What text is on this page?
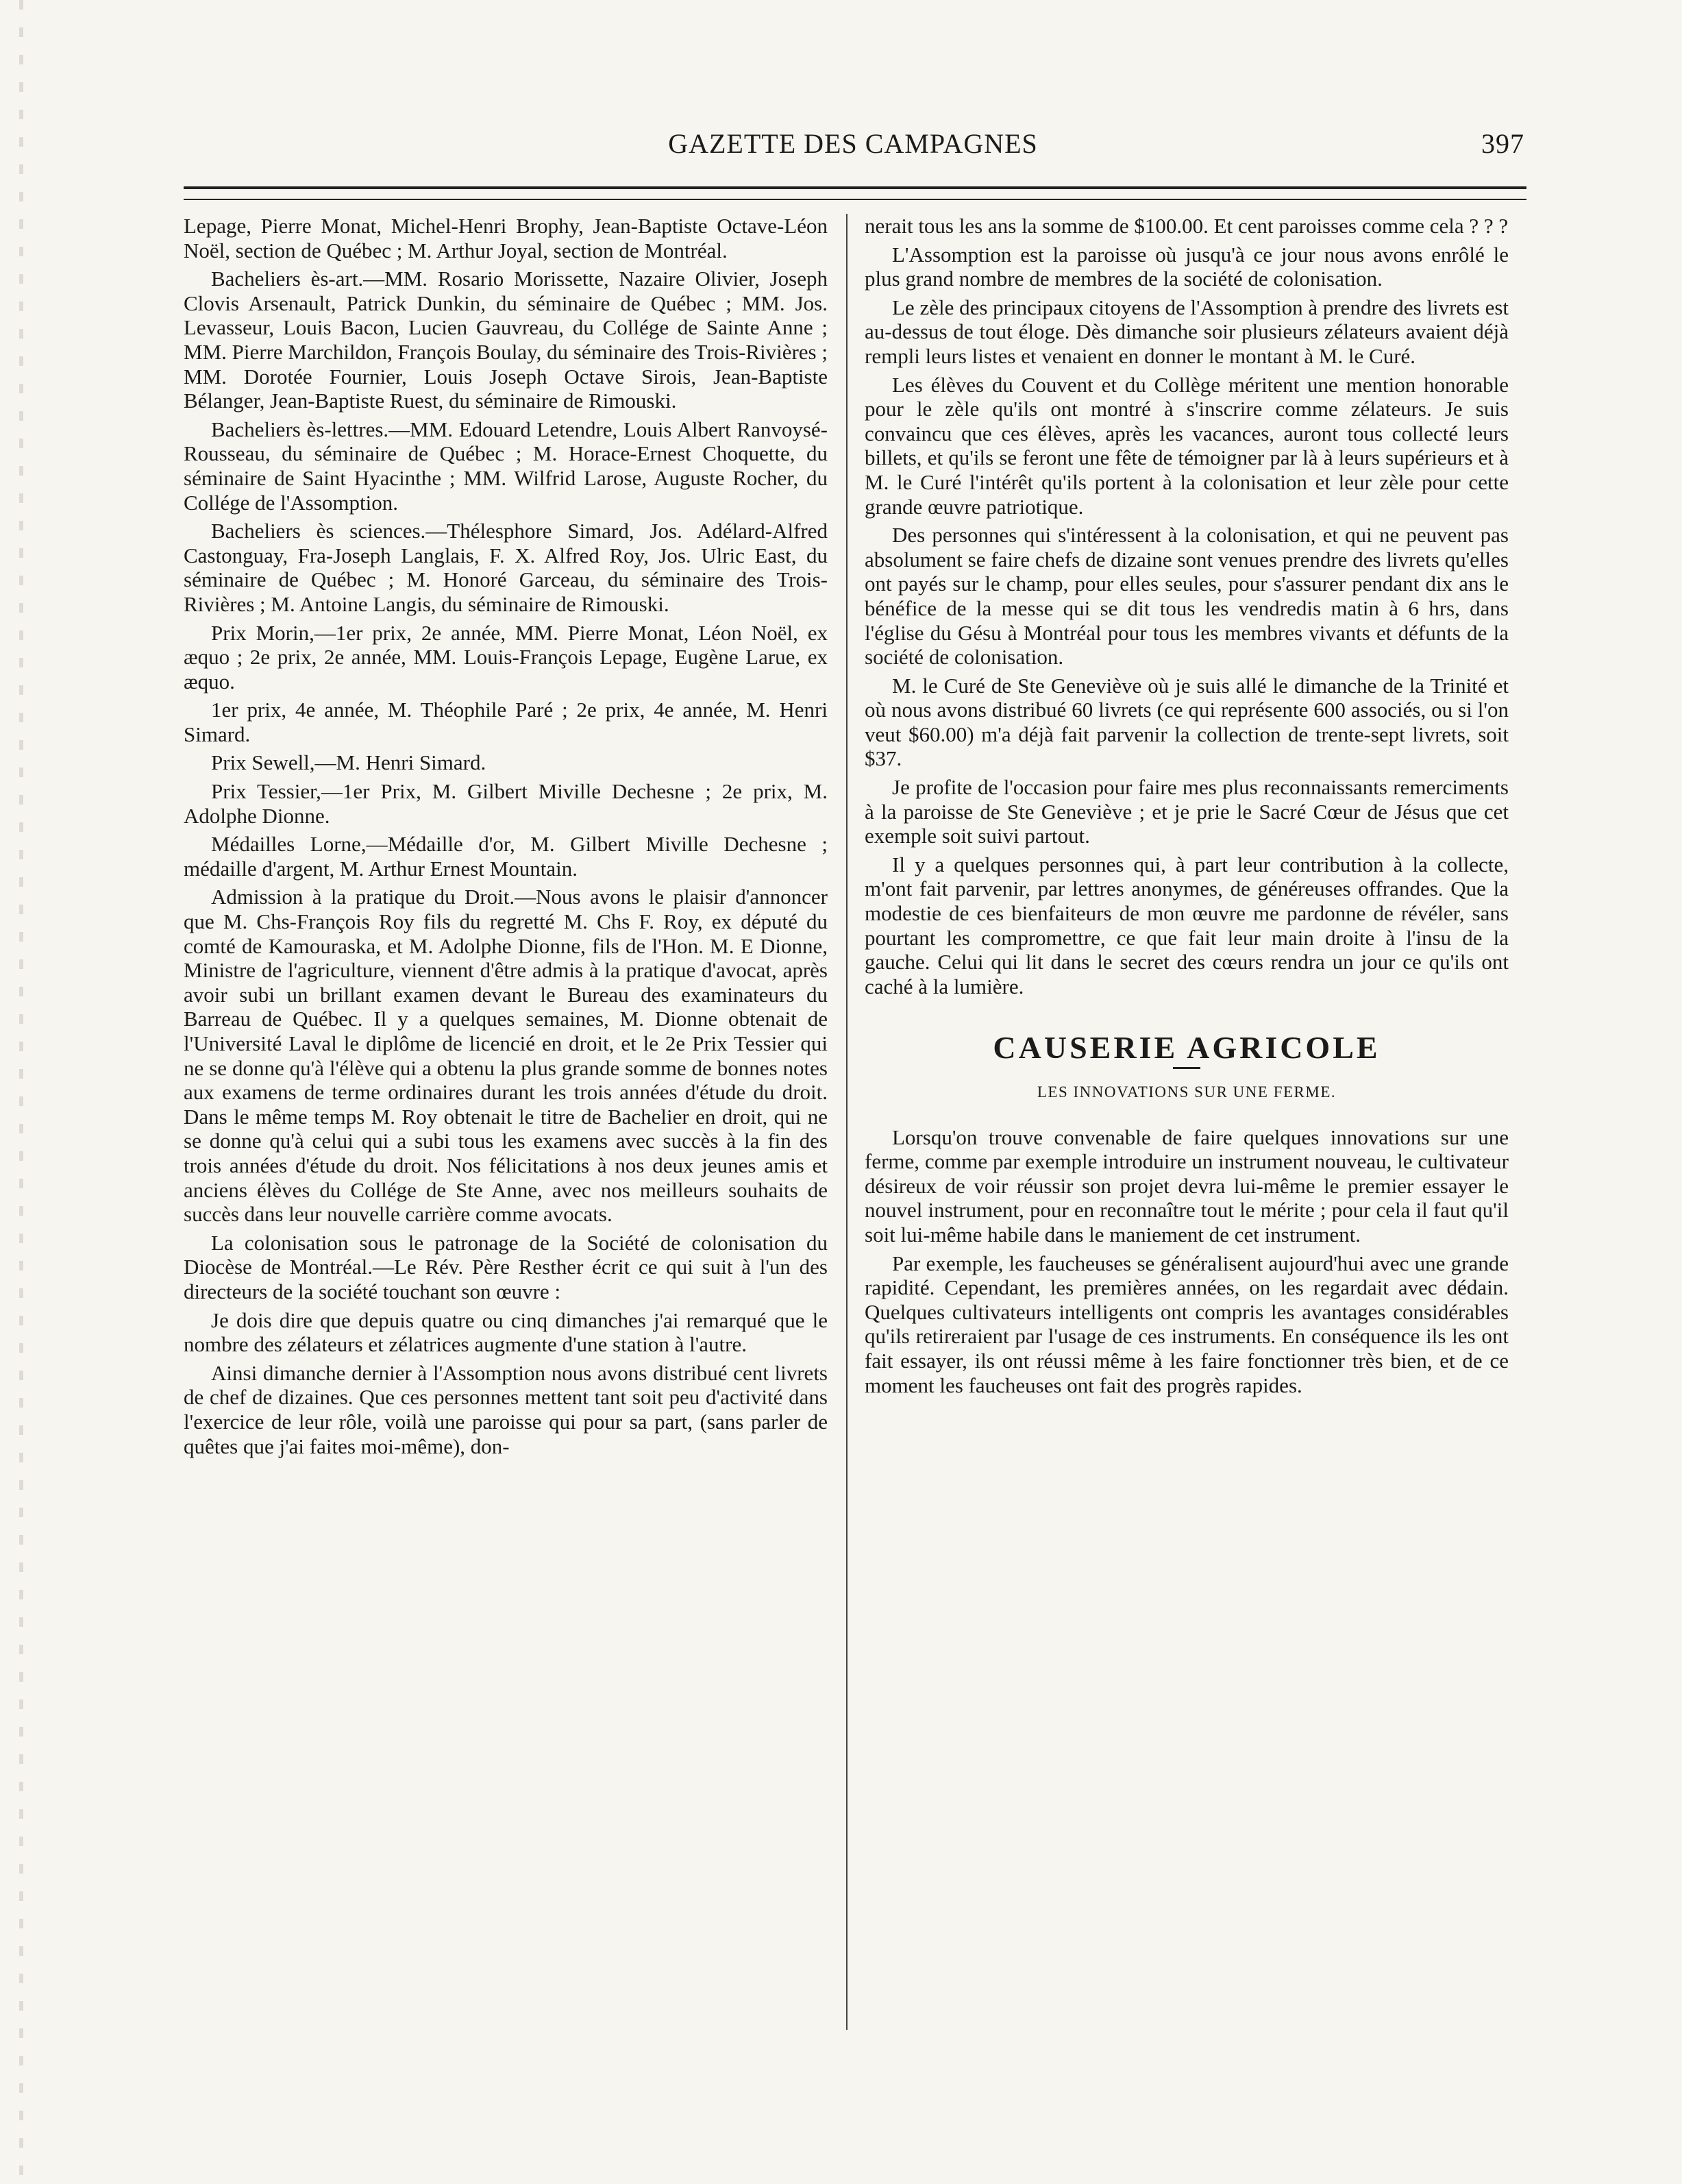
GAZETTE DES CAMPAGNES	397

Lepage, Pierre Monat, Michel-Henri Brophy, Jean-Baptiste Octave-Léon Noël, section de Québec ; M. Arthur Joyal, section de Montréal.

Bacheliers ès-art.—MM. Rosario Morissette, Nazaire Olivier, Joseph Clovis Arsenault, Patrick Dunkin, du séminaire de Québec ; MM. Jos. Levasseur, Louis Bacon, Lucien Gauvreau, du Collége de Sainte Anne ; MM. Pierre Marchildon, François Boulay, du séminaire des Trois-Rivières ; MM. Dorotée Fournier, Louis Joseph Octave Sirois, Jean-Baptiste Bélanger, Jean-Baptiste Ruest, du séminaire de Rimouski.

Bacheliers ès-lettres.—MM. Edouard Letendre, Louis Albert Ranvoysé-Rousseau, du séminaire de Québec ; M. Horace-Ernest Choquette, du séminaire de Saint Hyacinthe ; MM. Wilfrid Larose, Auguste Rocher, du Collége de l'Assomption.

Bacheliers ès sciences.—Thélesphore Simard, Jos. Adélard-Alfred Castonguay, Fra-Joseph Langlais, F. X. Alfred Roy, Jos. Ulric East, du séminaire de Québec ; M. Honoré Garceau, du séminaire des Trois-Rivières ; M. Antoine Langis, du séminaire de Rimouski.

Prix Morin,—1er prix, 2e année, MM. Pierre Monat, Léon Noël, ex æquo ; 2e prix, 2e année, MM. Louis-François Lepage, Eugène Larue, ex æquo.

1er prix, 4e année, M. Théophile Paré ; 2e prix, 4e année, M. Henri Simard.

Prix Sewell,—M. Henri Simard.

Prix Tessier,—1er Prix, M. Gilbert Miville Dechesne ; 2e prix, M. Adolphe Dionne.

Médailles Lorne,—Médaille d'or, M. Gilbert Miville Dechesne ; médaille d'argent, M. Arthur Ernest Mountain.

Admission à la pratique du Droit.—Nous avons le plaisir d'annoncer que M. Chs-François Roy fils du regretté M. Chs F. Roy, ex député du comté de Kamouraska, et M. Adolphe Dionne, fils de l'Hon. M. E Dionne, Ministre de l'agriculture, viennent d'être admis à la pratique d'avocat, après avoir subi un brillant examen devant le Bureau des examinateurs du Barreau de Québec. Il y a quelques semaines, M. Dionne obtenait de l'Université Laval le diplôme de licencié en droit, et le 2e Prix Tessier qui ne se donne qu'à l'élève qui a obtenu la plus grande somme de bonnes notes aux examens de terme ordinaires durant les trois années d'étude du droit. Dans le même temps M. Roy obtenait le titre de Bachelier en droit, qui ne se donne qu'à celui qui a subi tous les examens avec succès à la fin des trois années d'étude du droit. Nos félicitations à nos deux jeunes amis et anciens élèves du Collége de Ste Anne, avec nos meilleurs souhaits de succès dans leur nouvelle carrière comme avocats.

La colonisation sous le patronage de la Société de colonisation du Diocèse de Montréal.—Le Rév. Père Resther écrit ce qui suit à l'un des directeurs de la société touchant son œuvre :

Je dois dire que depuis quatre ou cinq dimanches j'ai remarqué que le nombre des zélateurs et zélatrices augmente d'une station à l'autre.

Ainsi dimanche dernier à l'Assomption nous avons distribué cent livrets de chef de dizaines. Que ces personnes mettent tant soit peu d'activité dans l'exercice de leur rôle, voilà une paroisse qui pour sa part, (sans parler de quêtes que j'ai faites moi-même), don-

nerait tous les ans la somme de $100.00. Et cent paroisses comme cela ? ? ?

L'Assomption est la paroisse où jusqu'à ce jour nous avons enrôlé le plus grand nombre de membres de la société de colonisation.

Le zèle des principaux citoyens de l'Assomption à prendre des livrets est au-dessus de tout éloge. Dès dimanche soir plusieurs zélateurs avaient déjà rempli leurs listes et venaient en donner le montant à M. le Curé.

Les élèves du Couvent et du Collège méritent une mention honorable pour le zèle qu'ils ont montré à s'inscrire comme zélateurs. Je suis convaincu que ces élèves, après les vacances, auront tous collecté leurs billets, et qu'ils se feront une fête de témoigner par là à leurs supérieurs et à M. le Curé l'intérêt qu'ils portent à la colonisation et leur zèle pour cette grande œuvre patriotique.

Des personnes qui s'intéressent à la colonisation, et qui ne peuvent pas absolument se faire chefs de dizaine sont venues prendre des livrets qu'elles ont payés sur le champ, pour elles seules, pour s'assurer pendant dix ans le bénéfice de la messe qui se dit tous les vendredis matin à 6 hrs, dans l'église du Gésu à Montréal pour tous les membres vivants et défunts de la société de colonisation.

M. le Curé de Ste Geneviève où je suis allé le dimanche de la Trinité et où nous avons distribué 60 livrets (ce qui représente 600 associés, ou si l'on veut $60.00) m'a déjà fait parvenir la collection de trente-sept livrets, soit $37.

Je profite de l'occasion pour faire mes plus reconnaissants remerciments à la paroisse de Ste Geneviève ; et je prie le Sacré Cœur de Jésus que cet exemple soit suivi partout.

Il y a quelques personnes qui, à part leur contribution à la collecte, m'ont fait parvenir, par lettres anonymes, de généreuses offrandes. Que la modestie de ces bienfaiteurs de mon œuvre me pardonne de révéler, sans pourtant les compromettre, ce que fait leur main droite à l'insu de la gauche. Celui qui lit dans le secret des cœurs rendra un jour ce qu'ils ont caché à la lumière.

CAUSERIE AGRICOLE
LES INNOVATIONS SUR UNE FERME.

Lorsqu'on trouve convenable de faire quelques innovations sur une ferme, comme par exemple introduire un instrument nouveau, le cultivateur désireux de voir réussir son projet devra lui-même le premier essayer le nouvel instrument, pour en reconnaître tout le mérite ; pour cela il faut qu'il soit lui-même habile dans le maniement de cet instrument.

Par exemple, les faucheuses se généralisent aujourd'hui avec une grande rapidité. Cependant, les premières années, on les regardait avec dédain. Quelques cultivateurs intelligents ont compris les avantages considérables qu'ils retireraient par l'usage de ces instruments. En conséquence ils les ont fait essayer, ils ont réussi même à les faire fonctionner très bien, et de ce moment les faucheuses ont fait des progrès rapides.
